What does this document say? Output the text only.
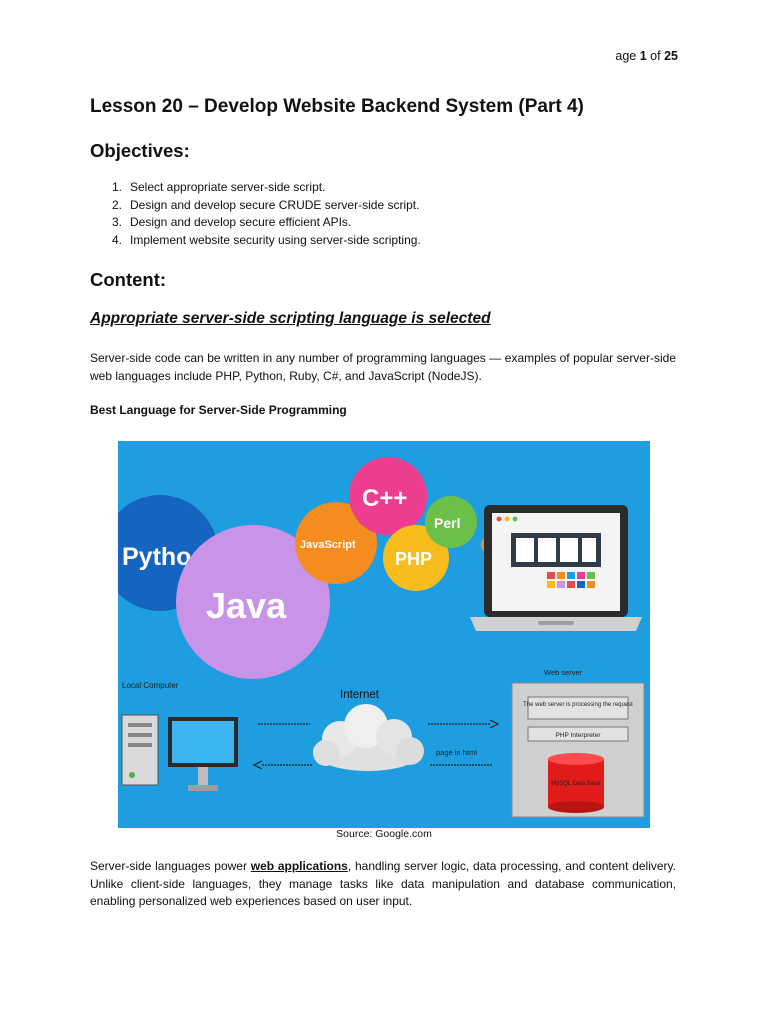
age 1 of 25
Lesson 20 – Develop Website Backend System (Part 4)
Objectives:
1. Select appropriate server-side script.
2. Design and develop secure CRUDE server-side script.
3. Design and develop secure efficient APIs.
4. Implement website security using server-side scripting.
Content:
Appropriate server-side scripting language is selected

Server-side code can be written in any number of programming languages — examples of popular server-side web languages include PHP, Python, Ruby, C#, and JavaScript (NodeJS).

Best Language for Server-Side Programming

Pytho
Java
JavaScript
C++
PHP
Perl
Local Computer
Internet
page in html
Web server
The web server is processing the request
PHP Interpreter
MySQL Data Base
Source: Google.com

Server-side languages power web applications, handling server logic, data processing, and content delivery. Unlike client-side languages, they manage tasks like data manipulation and database communication, enabling personalized web experiences based on user input.
